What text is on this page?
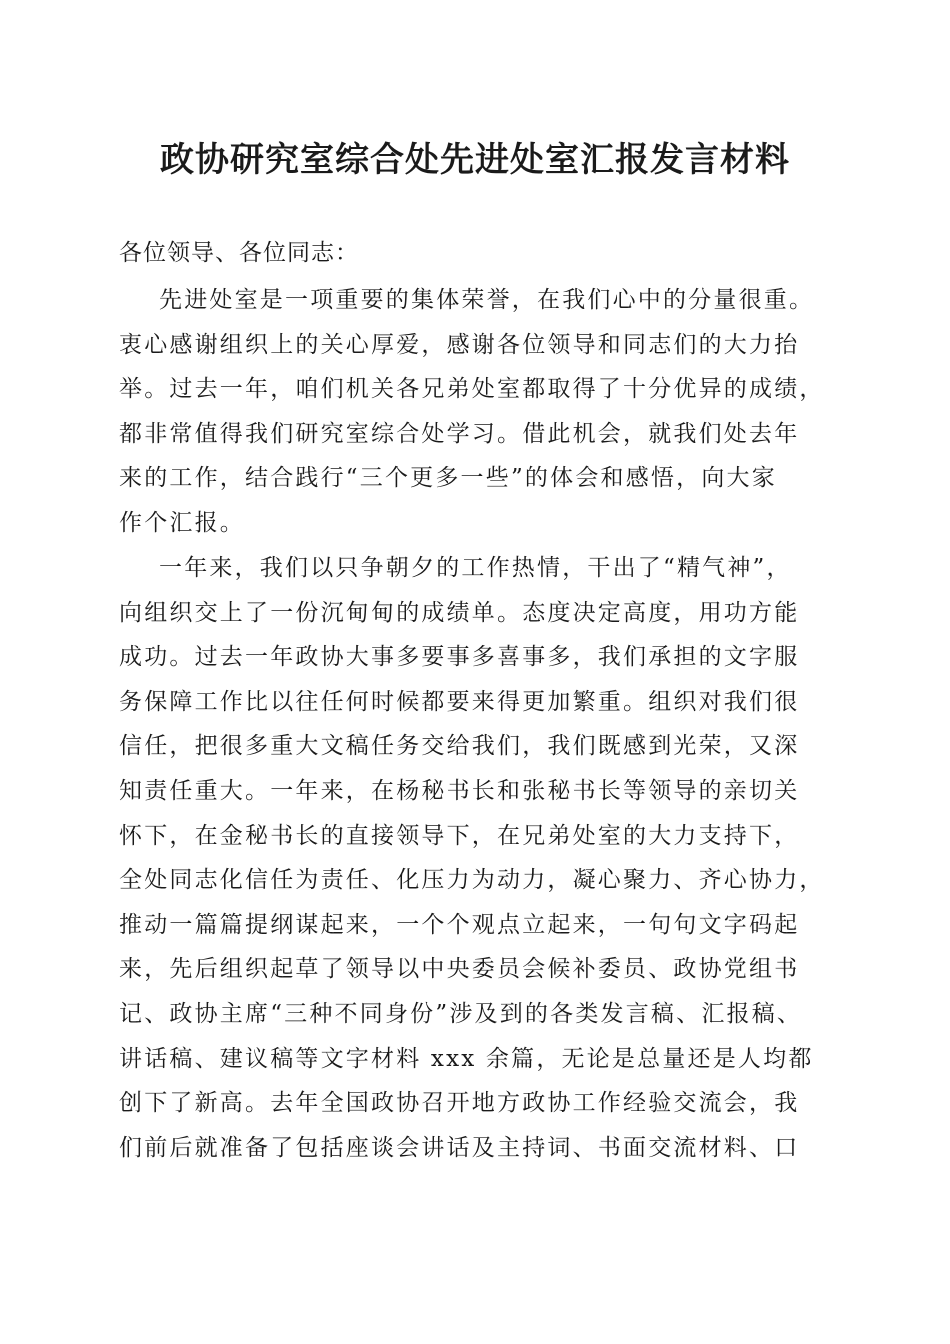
政协研究室综合处先进处室汇报发言材料
各位领导、各位同志：
先进处室是一项重要的集体荣誉，在我们心中的分量很重。
衷心感谢组织上的关心厚爱，感谢各位领导和同志们的大力抬
举。过去一年，咱们机关各兄弟处室都取得了十分优异的成绩，
都非常值得我们研究室综合处学习。借此机会，就我们处去年
来的工作，结合践行“三个更多一些”的体会和感悟，向大家
作个汇报。
一年来，我们以只争朝夕的工作热情，干出了“精气神”，
向组织交上了一份沉甸甸的成绩单。态度决定高度，用功方能
成功。过去一年政协大事多要事多喜事多，我们承担的文字服
务保障工作比以往任何时候都要来得更加繁重。组织对我们很
信任，把很多重大文稿任务交给我们，我们既感到光荣，又深
知责任重大。一年来，在杨秘书长和张秘书长等领导的亲切关
怀下，在金秘书长的直接领导下，在兄弟处室的大力支持下，
全处同志化信任为责任、化压力为动力，凝心聚力、齐心协力，
推动一篇篇提纲谋起来，一个个观点立起来，一句句文字码起
来，先后组织起草了领导以中央委员会候补委员、政协党组书
记、政协主席“三种不同身份”涉及到的各类发言稿、汇报稿、
讲话稿、建议稿等文字材料 xxx 余篇，无论是总量还是人均都
创下了新高。去年全国政协召开地方政协工作经验交流会，我
们前后就准备了包括座谈会讲话及主持词、书面交流材料、口
